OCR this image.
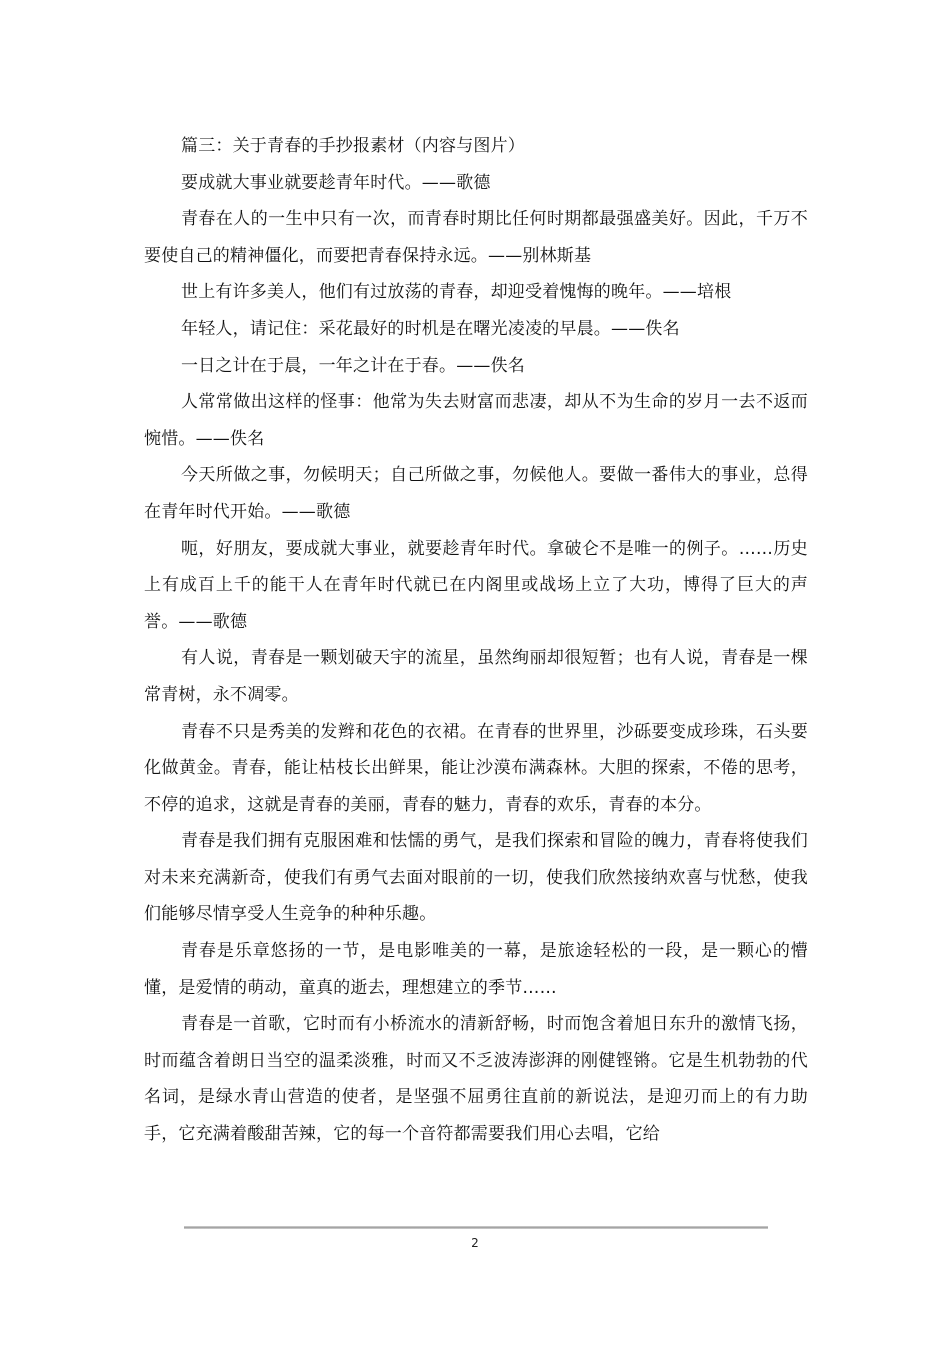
篇三：关于青春的手抄报素材（内容与图片）

要成就大事业就要趁青年时代。——歌德

青春在人的一生中只有一次，而青春时期比任何时期都最强盛美好。因此，千万不要使自己的精神僵化，而要把青春保持永远。——别林斯基

世上有许多美人，他们有过放荡的青春，却迎受着愧悔的晚年。——培根

年轻人，请记住：采花最好的时机是在曙光凌凌的早晨。——佚名

一日之计在于晨，一年之计在于春。——佚名

人常常做出这样的怪事：他常为失去财富而悲凄，却从不为生命的岁月一去不返而惋惜。——佚名

今天所做之事，勿候明天；自己所做之事，勿候他人。要做一番伟大的事业，总得在青年时代开始。——歌德

呃，好朋友，要成就大事业，就要趁青年时代。拿破仑不是唯一的例子。……历史上有成百上千的能干人在青年时代就已在内阁里或战场上立了大功，博得了巨大的声誉。——歌德

有人说，青春是一颗划破天宇的流星，虽然绚丽却很短暂；也有人说，青春是一棵常青树，永不凋零。

青春不只是秀美的发辫和花色的衣裙。在青春的世界里，沙砾要变成珍珠，石头要化做黄金。青春，能让枯枝长出鲜果，能让沙漠布满森林。大胆的探索，不倦的思考，不停的追求，这就是青春的美丽，青春的魅力，青春的欢乐，青春的本分。

青春是我们拥有克服困难和怯懦的勇气，是我们探索和冒险的魄力，青春将使我们对未来充满新奇，使我们有勇气去面对眼前的一切，使我们欣然接纳欢喜与忧愁，使我们能够尽情享受人生竞争的种种乐趣。

青春是乐章悠扬的一节，是电影唯美的一幕，是旅途轻松的一段，是一颗心的懵懂，是爱情的萌动，童真的逝去，理想建立的季节……

青春是一首歌，它时而有小桥流水的清新舒畅，时而饱含着旭日东升的激情飞扬，时而蕴含着朗日当空的温柔淡雅，时而又不乏波涛澎湃的刚健铿锵。它是生机勃勃的代名词，是绿水青山营造的使者，是坚强不屈勇往直前的新说法，是迎刃而上的有力助手，它充满着酸甜苦辣，它的每一个音符都需要我们用心去唱，它给

2
